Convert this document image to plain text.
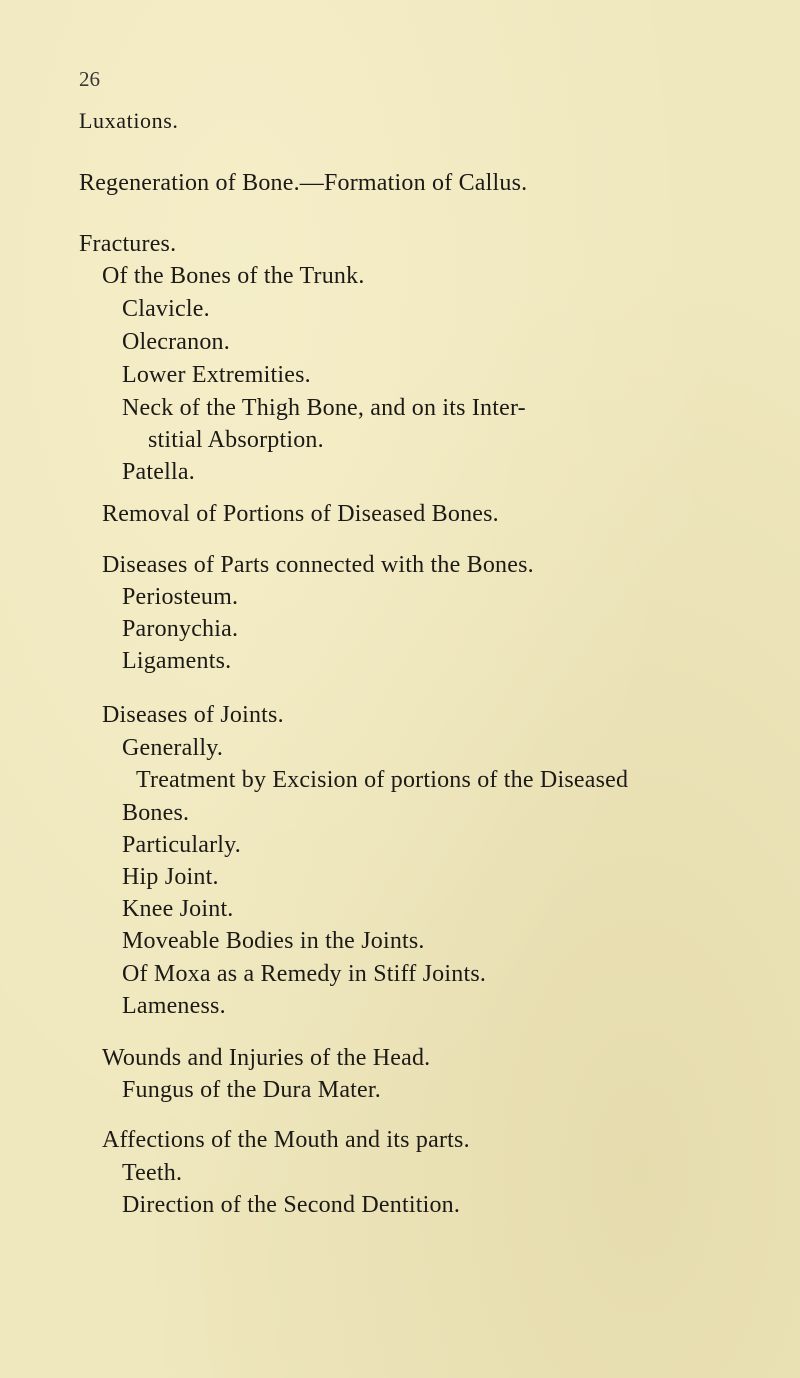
26
Luxations.
Regeneration of Bone.—Formation of Callus.
Fractures.
Of the Bones of the Trunk.
Clavicle.
Olecranon.
Lower Extremities.
Neck of the Thigh Bone, and on its Inter-
stitial Absorption.
Patella.
Removal of Portions of Diseased Bones.
Diseases of Parts connected with the Bones.
Periosteum.
Paronychia.
Ligaments.
Diseases of Joints.
Generally.
Treatment by Excision of portions of the Diseased
Bones.
Particularly.
Hip Joint.
Knee Joint.
Moveable Bodies in the Joints.
Of Moxa as a Remedy in Stiff Joints.
Lameness.
Wounds and Injuries of the Head.
Fungus of the Dura Mater.
Affections of the Mouth and its parts.
Teeth.
Direction of the Second Dentition.
